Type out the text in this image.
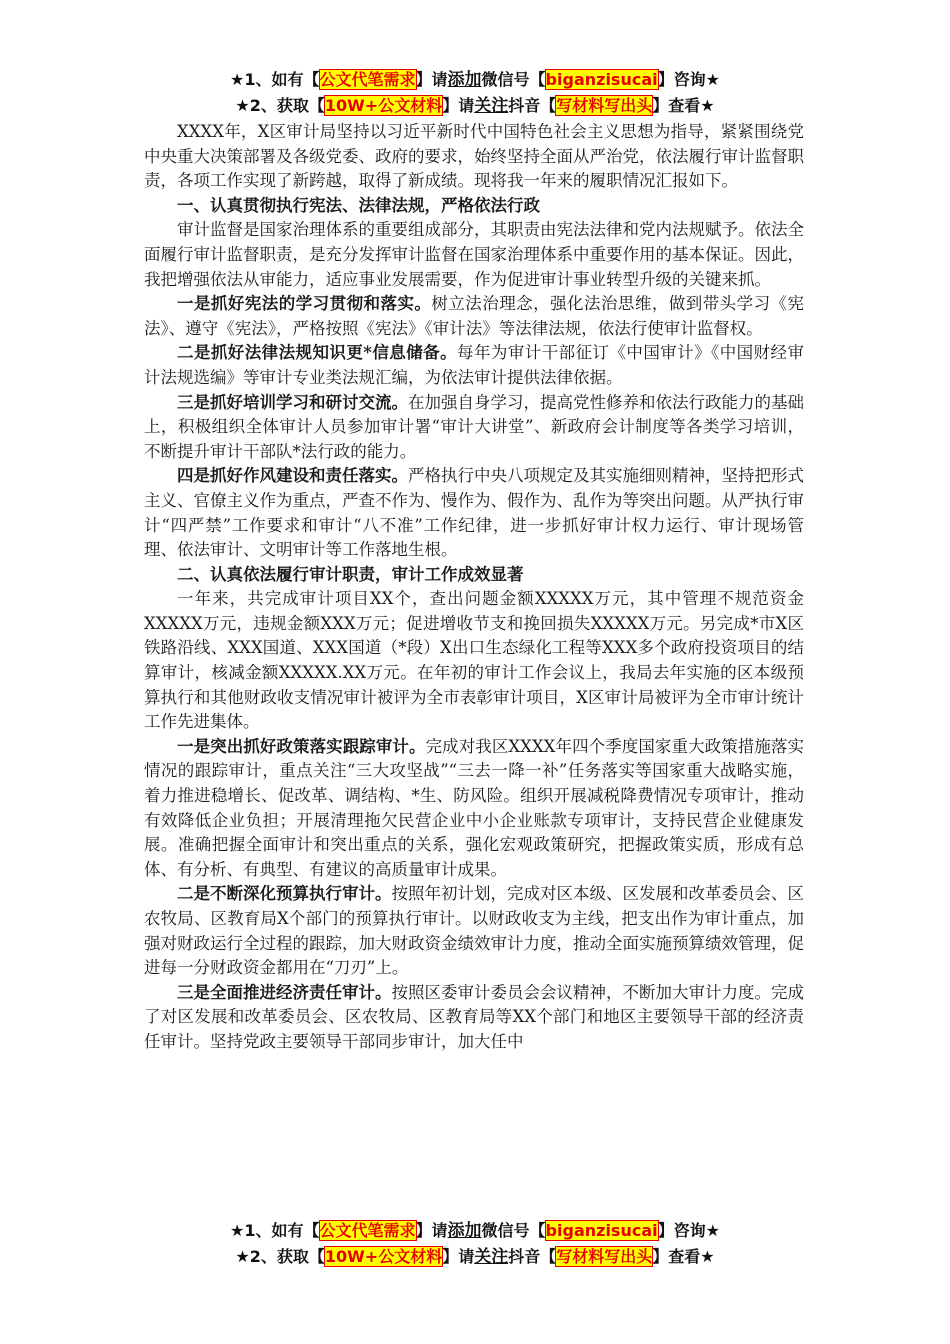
★1、如有【公文代笔需求】请添加微信号【biganzisucai】咨询★
★2、获取【10W+公文材料】请关注抖音【写材料写出头】查看★

XXXX年，X区审计局坚持以习近平新时代中国特色社会主义思想为指导，紧紧围绕党中央重大决策部署及各级党委、政府的要求，始终坚持全面从严治党，依法履行审计监督职责，各项工作实现了新跨越，取得了新成绩。现将我一年来的履职情况汇报如下。

一、认真贯彻执行宪法、法律法规，严格依法行政

审计监督是国家治理体系的重要组成部分，其职责由宪法法律和党内法规赋予。依法全面履行审计监督职责，是充分发挥审计监督在国家治理体系中重要作用的基本保证。因此，我把增强依法从审能力，适应事业发展需要，作为促进审计事业转型升级的关键来抓。

一是抓好宪法的学习贯彻和落实。树立法治理念，强化法治思维，做到带头学习《宪法》、遵守《宪法》，严格按照《宪法》《审计法》等法律法规，依法行使审计监督权。

二是抓好法律法规知识更*信息储备。每年为审计干部征订《中国审计》《中国财经审计法规选编》等审计专业类法规汇编，为依法审计提供法律依据。

三是抓好培训学习和研讨交流。在加强自身学习，提高党性修养和依法行政能力的基础上，积极组织全体审计人员参加审计署“审计大讲堂”、新政府会计制度等各类学习培训，不断提升审计干部队*法行政的能力。

四是抓好作风建设和责任落实。严格执行中央八项规定及其实施细则精神，坚持把形式主义、官僚主义作为重点，严查不作为、慢作为、假作为、乱作为等突出问题。从严执行审计“四严禁”工作要求和审计“八不准”工作纪律，进一步抓好审计权力运行、审计现场管理、依法审计、文明审计等工作落地生根。

二、认真依法履行审计职责，审计工作成效显著

一年来，共完成审计项目XX个，查出问题金额XXXXX万元，其中管理不规范资金XXXXX万元，违规金额XXX万元；促进增收节支和挽回损失XXXXX万元。另完成*市X区铁路沿线、XXX国道、XXX国道（*段）X出口生态绿化工程等XXX多个政府投资项目的结算审计，核减金额XXXXX.XX万元。在年初的审计工作会议上，我局去年实施的区本级预算执行和其他财政收支情况审计被评为全市表彰审计项目，X区审计局被评为全市审计统计工作先进集体。

一是突出抓好政策落实跟踪审计。完成对我区XXXX年四个季度国家重大政策措施落实情况的跟踪审计，重点关注“三大攻坚战”“三去一降一补”任务落实等国家重大战略实施，着力推进稳增长、促改革、调结构、*生、防风险。组织开展减税降费情况专项审计，推动有效降低企业负担；开展清理拖欠民营企业中小企业账款专项审计，支持民营企业健康发展。准确把握全面审计和突出重点的关系，强化宏观政策研究，把握政策实质，形成有总体、有分析、有典型、有建议的高质量审计成果。

二是不断深化预算执行审计。按照年初计划，完成对区本级、区发展和改革委员会、区农牧局、区教育局X个部门的预算执行审计。以财政收支为主线，把支出作为审计重点，加强对财政运行全过程的跟踪，加大财政资金绩效审计力度，推动全面实施预算绩效管理，促进每一分财政资金都用在“刀刃”上。

三是全面推进经济责任审计。按照区委审计委员会会议精神，不断加大审计力度。完成了对区发展和改革委员会、区农牧局、区教育局等XX个部门和地区主要领导干部的经济责任审计。坚持党政主要领导干部同步审计，加大任中

★1、如有【公文代笔需求】请添加微信号【biganzisucai】咨询★
★2、获取【10W+公文材料】请关注抖音【写材料写出头】查看★
